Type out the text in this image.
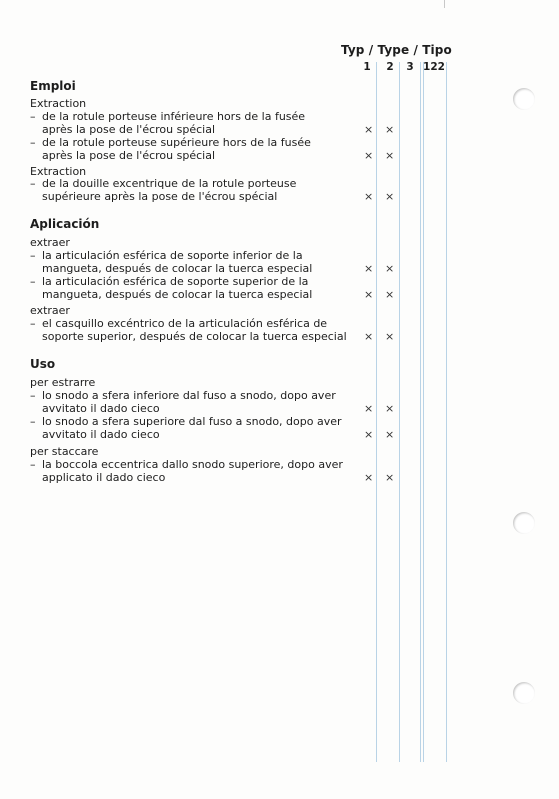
Typ / Type / Tipo
1	2	3 122
Emploi
Extraction
– de la rotule porteuse inférieure hors de la fusée
après la pose de l'écrou spécial	× ×
– de la rotule porteuse supérieure hors de la fusée
après la pose de l'écrou spécial	× ×
Extraction
– de la douille excentrique de la rotule porteuse
supérieure après la pose de l'écrou spécial	× ×
Aplicación
extraer
– la articulación esférica de soporte inferior de la
mangueta, después de colocar la tuerca especial	× ×
– la articulación esférica de soporte superior de la
mangueta, después de colocar la tuerca especial	× ×
extraer
– el casquillo excéntrico de la articulación esférica de
soporte superior, después de colocar la tuerca especial × ×
Uso
per estrarre
– lo snodo a sfera inferiore dal fuso a snodo, dopo aver
avvitato il dado cieco	× ×
– lo snodo a sfera superiore dal fuso a snodo, dopo aver
avvitato il dado cieco	× ×
per staccare
– la boccola eccentrica dallo snodo superiore, dopo aver
applicato il dado cieco	× ×
